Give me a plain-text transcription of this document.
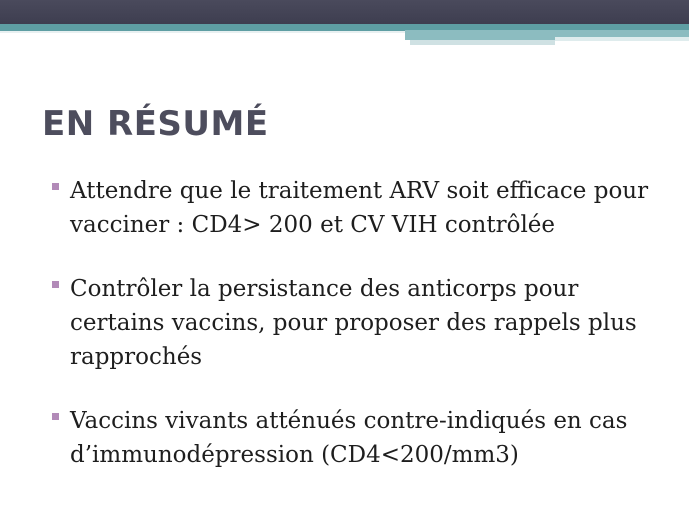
EN RÉSUMÉ
Attendre que le traitement ARV soit efficace pour vacciner : CD4> 200 et CV VIH contrôlée
Contrôler la persistance des anticorps pour certains vaccins, pour proposer des rappels plus rapprochés
Vaccins vivants atténués contre-indiqués en cas d’immunodépression (CD4<200/mm3)
